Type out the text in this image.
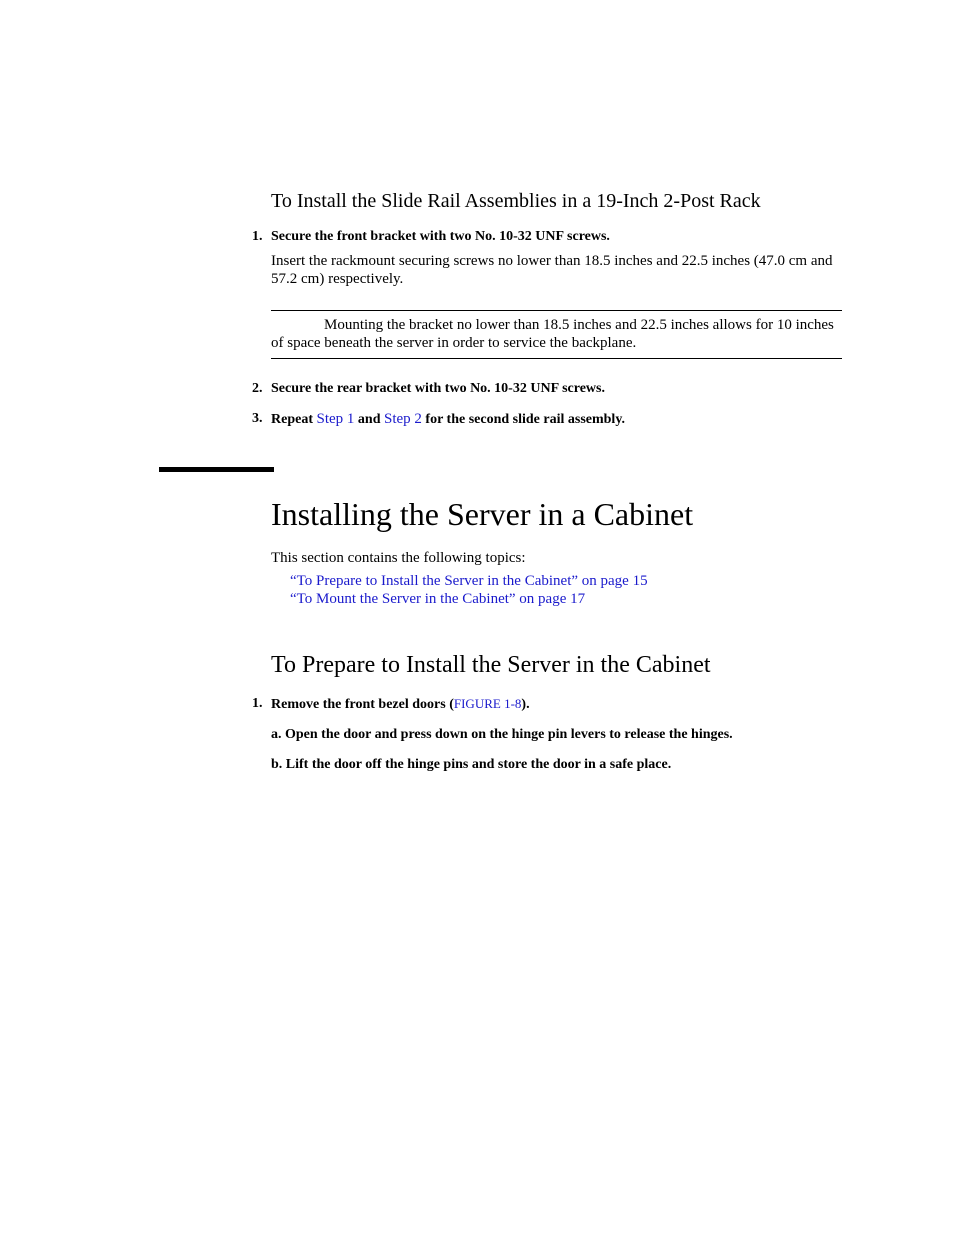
To Install the Slide Rail Assemblies in a 19-Inch 2-Post Rack
1. Secure the front bracket with two No. 10-32 UNF screws.
Insert the rackmount securing screws no lower than 18.5 inches and 22.5 inches (47.0 cm and 57.2 cm) respectively.
Mounting the bracket no lower than 18.5 inches and 22.5 inches allows for 10 inches of space beneath the server in order to service the backplane.
2. Secure the rear bracket with two No. 10-32 UNF screws.
3. Repeat Step 1 and Step 2 for the second slide rail assembly.
Installing the Server in a Cabinet
This section contains the following topics:
“To Prepare to Install the Server in the Cabinet” on page 15
“To Mount the Server in the Cabinet” on page 17
To Prepare to Install the Server in the Cabinet
1. Remove the front bezel doors (FIGURE 1-8).
a. Open the door and press down on the hinge pin levers to release the hinges.
b. Lift the door off the hinge pins and store the door in a safe place.
